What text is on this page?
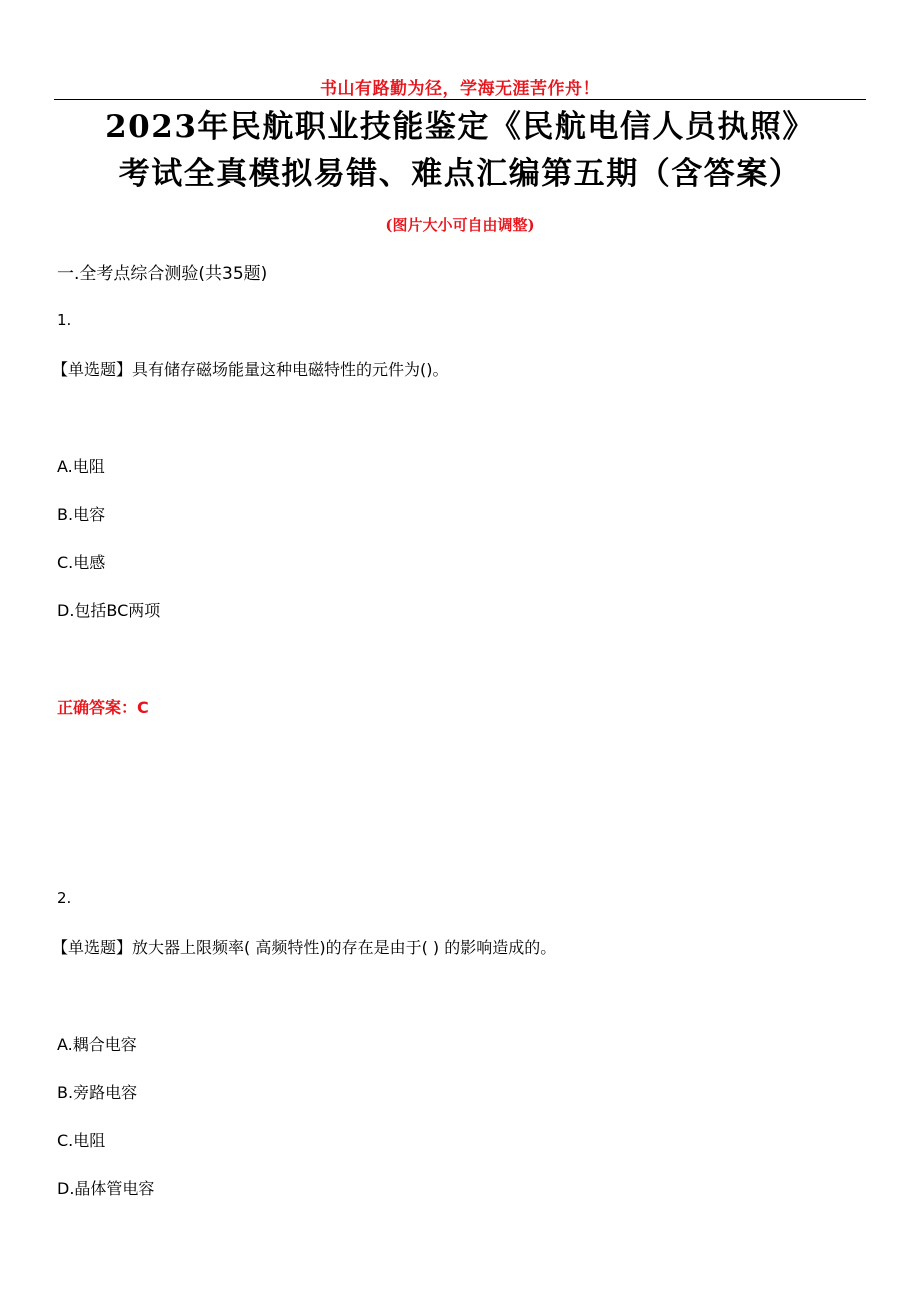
书山有路勤为径，学海无涯苦作舟！
2023年民航职业技能鉴定《民航电信人员执照》
考试全真模拟易错、难点汇编第五期（含答案）
(图片大小可自由调整)
一.全考点综合测验(共35题)
1.
【单选题】具有储存磁场能量这种电磁特性的元件为()。
A.电阻
B.电容
C.电感
D.包括BC两项
正确答案：C
2.
【单选题】放大器上限频率( 高频特性)的存在是由于( ) 的影响造成的。
A.耦合电容
B.旁路电容
C.电阻
D.晶体管电容
